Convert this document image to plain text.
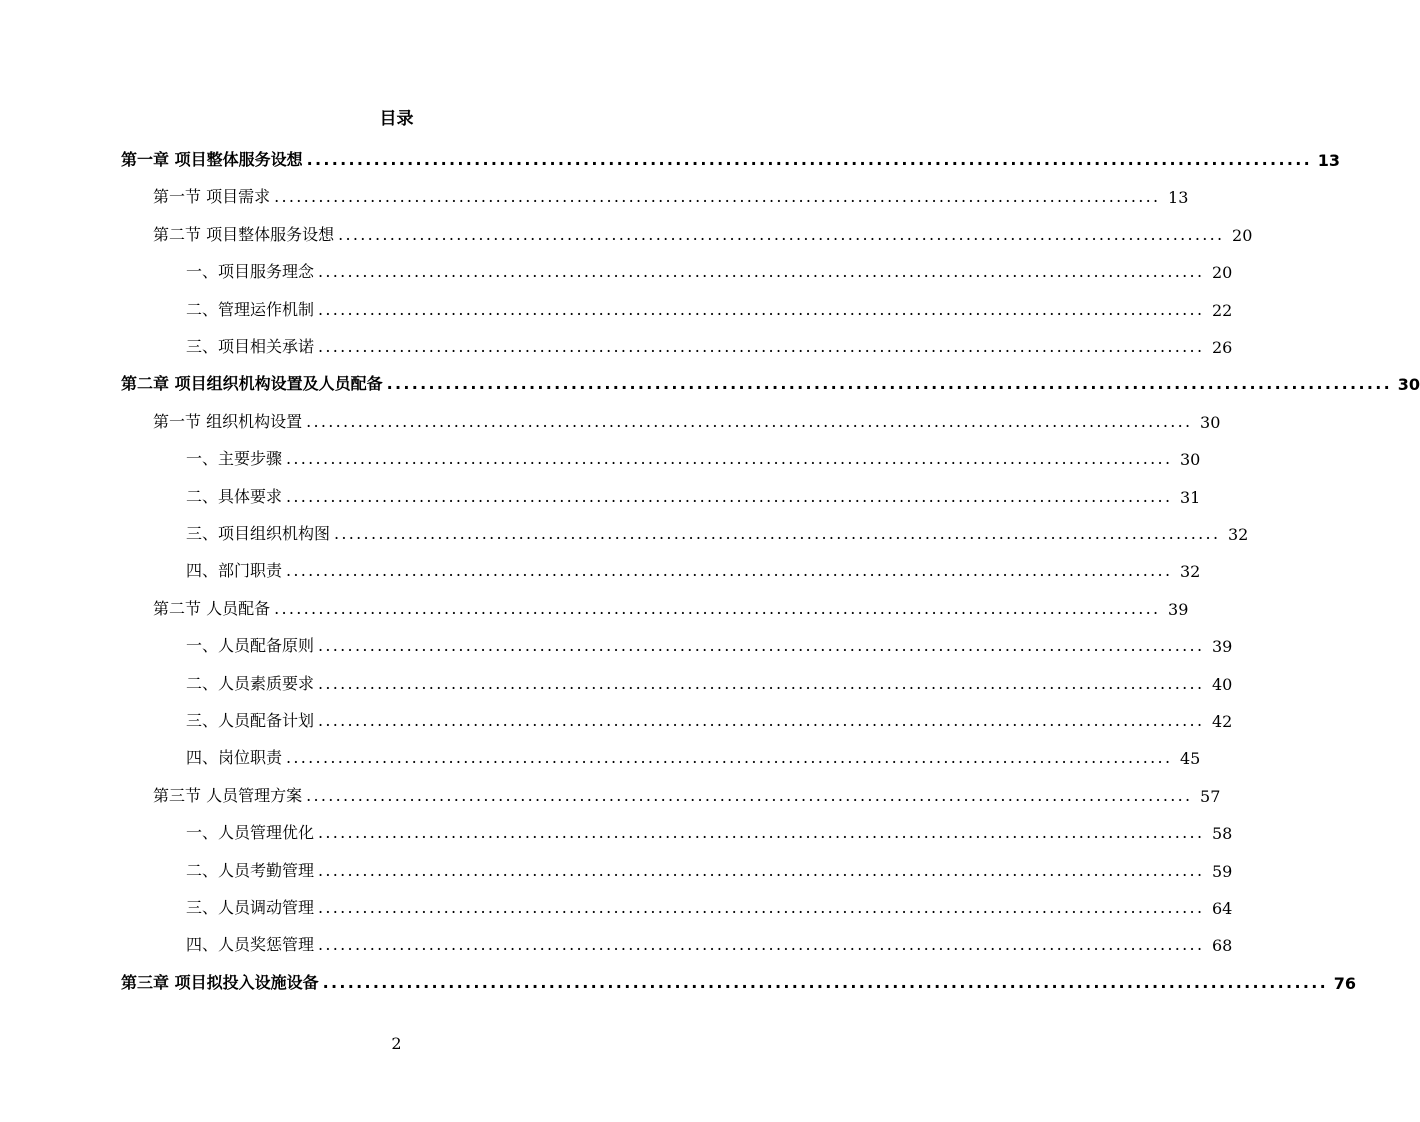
目录
第一章 项目整体服务设想 ........................................................................................................................ 13
第一节 项目需求 ........................................................................................................................ 13
第二节 项目整体服务设想 ........................................................................................................................ 20
一、项目服务理念 ........................................................................................................................ 20
二、管理运作机制 ........................................................................................................................ 22
三、项目相关承诺 ........................................................................................................................ 26
第二章 项目组织机构设置及人员配备 ........................................................................................................................ 30
第一节 组织机构设置 ........................................................................................................................ 30
一、主要步骤 ........................................................................................................................ 30
二、具体要求 ........................................................................................................................ 31
三、项目组织机构图 ........................................................................................................................ 32
四、部门职责 ........................................................................................................................ 32
第二节 人员配备 ........................................................................................................................ 39
一、人员配备原则 ........................................................................................................................ 39
二、人员素质要求 ........................................................................................................................ 40
三、人员配备计划 ........................................................................................................................ 42
四、岗位职责 ........................................................................................................................ 45
第三节 人员管理方案 ........................................................................................................................ 57
一、人员管理优化 ........................................................................................................................ 58
二、人员考勤管理 ........................................................................................................................ 59
三、人员调动管理 ........................................................................................................................ 64
四、人员奖惩管理 ........................................................................................................................ 68
第三章 项目拟投入设施设备 ........................................................................................................................ 76
2
